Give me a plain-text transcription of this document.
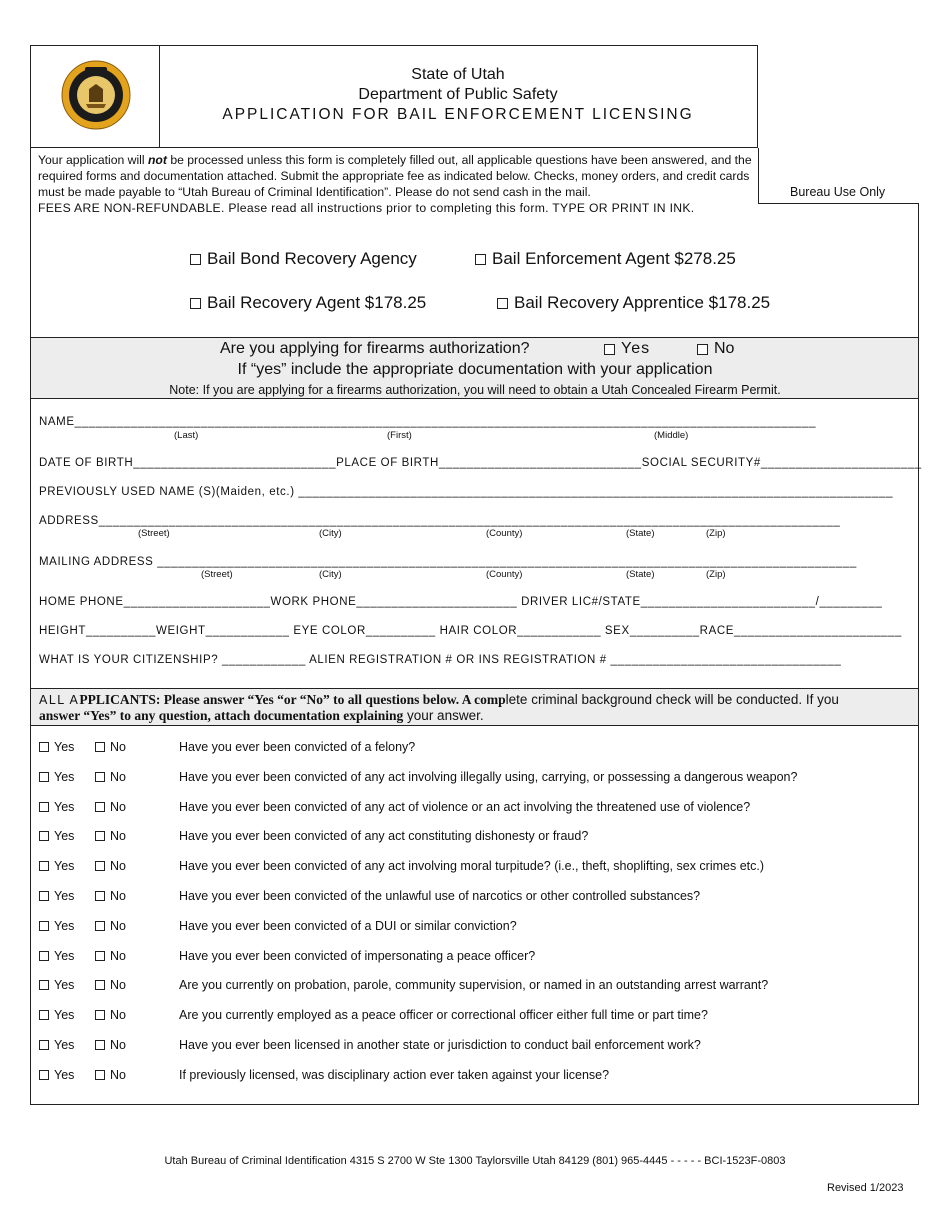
State of Utah
Department of Public Safety
APPLICATION FOR BAIL ENFORCEMENT LICENSING
Your application will not be processed unless this form is completely filled out, all applicable questions have been answered, and the required forms and documentation attached. Submit the appropriate fee as indicated below. Checks, money orders, and credit cards must be made payable to “Utah Bureau of Criminal Identification”. Please do not send cash in the mail.
FEES ARE NON-REFUNDABLE. Please read all instructions prior to completing this form. TYPE OR PRINT IN INK.
Bureau Use Only
Bail Bond Recovery Agency	Bail Enforcement Agent $278.25
Bail Recovery Agent $178.25	Bail Recovery Apprentice $178.25
Are you applying for firearms authorization?	Yes	No
If “yes” include the appropriate documentation with your application
Note: If you are applying for a firearms authorization, you will need to obtain a Utah Concealed Firearm Permit.
NAME__________________________________________________________________________________________________________
(Last)	(First)	(Middle)
DATE OF BIRTH_____________________________PLACE OF BIRTH_____________________________SOCIAL SECURITY#_______________________
PREVIOUSLY USED NAME (S)(Maiden, etc.) _____________________________________________________________________________________
ADDRESS__________________________________________________________________________________________________________
(Street)	(City)	(County)	(State)	(Zip)
MAILING ADDRESS ____________________________________________________________________________________________________
(Street)	(City)	(County)	(State)	(Zip)
HOME PHONE_____________________WORK PHONE_______________________ DRIVER LIC#/STATE_________________________/_________
HEIGHT__________WEIGHT____________ EYE COLOR__________ HAIR COLOR____________ SEX__________RACE________________________
WHAT IS YOUR CITIZENSHIP? ____________ ALIEN REGISTRATION # OR INS REGISTRATION # _________________________________
ALL APPLICANTS: Please answer “Yes “or “No” to all questions below. A complete criminal background check will be conducted. If you
answer “Yes” to any question, attach documentation explaining your answer.
Yes	No	Have you ever been convicted of a felony?
Yes	No	Have you ever been convicted of any act involving illegally using, carrying, or possessing a dangerous weapon?
Yes	No	Have you ever been convicted of any act of violence or an act involving the threatened use of violence?
Yes	No	Have you ever been convicted of any act constituting dishonesty or fraud?
Yes	No	Have you ever been convicted of any act involving moral turpitude? (i.e., theft, shoplifting, sex crimes etc.)
Yes	No	Have you ever been convicted of the unlawful use of narcotics or other controlled substances?
Yes	No	Have you ever been convicted of a DUI or similar conviction?
Yes	No	Have you ever been convicted of impersonating a peace officer?
Yes	No	Are you currently on probation, parole, community supervision, or named in an outstanding arrest warrant?
Yes	No	Are you currently employed as a peace officer or correctional officer either full time or part time?
Yes	No	Have you ever been licensed in another state or jurisdiction to conduct bail enforcement work?
Yes	No	If previously licensed, was disciplinary action ever taken against your license?
Utah Bureau of Criminal Identification 4315 S 2700 W Ste 1300 Taylorsville Utah 84129 (801) 965-4445 - - - - - BCI-1523F-0803
Revised 1/2023
